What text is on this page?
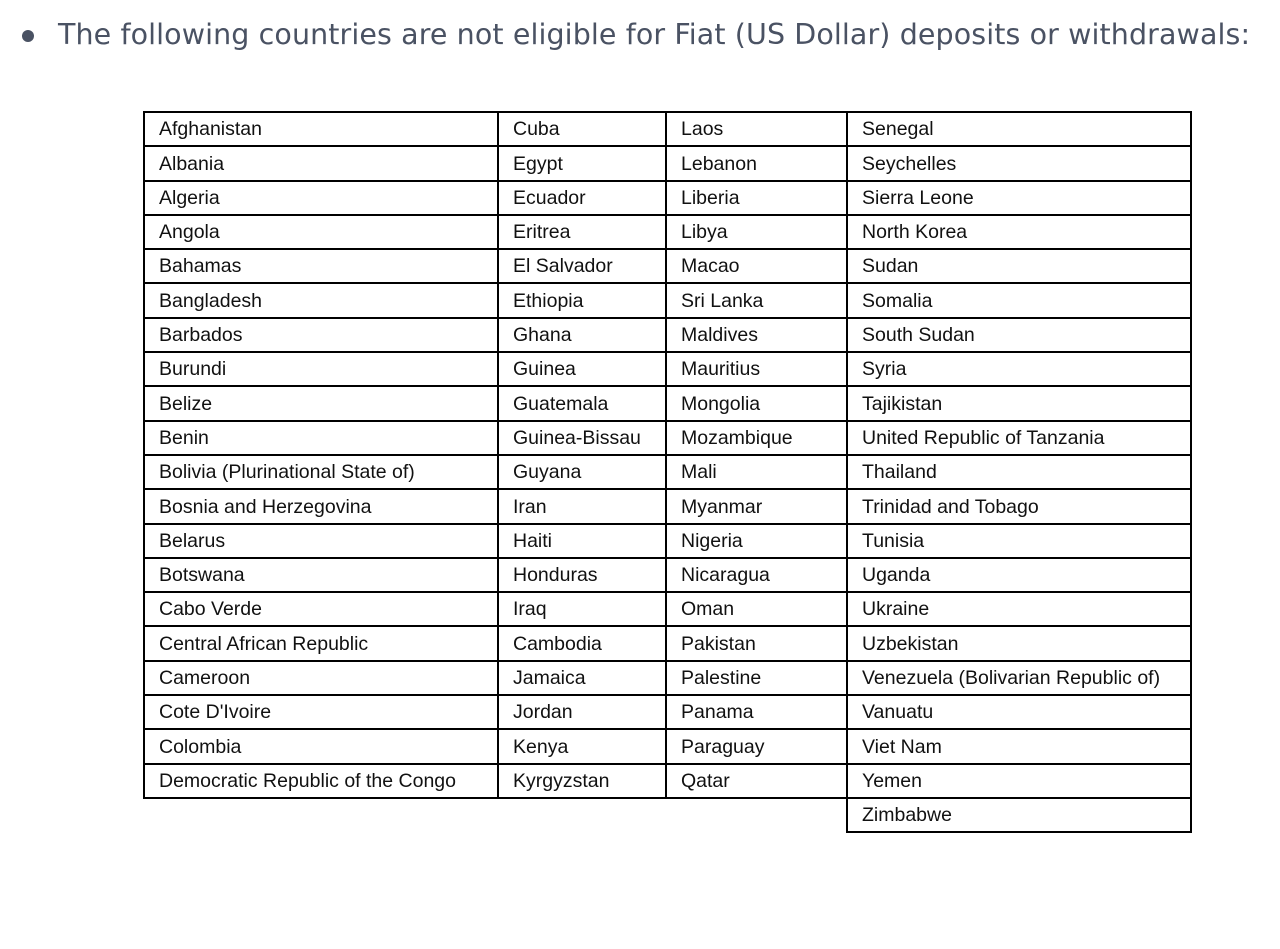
The following countries are not eligible for Fiat (US Dollar) deposits or withdrawals:
Afghanistan	Cuba	Laos	Senegal
Albania	Egypt	Lebanon	Seychelles
Algeria	Ecuador	Liberia	Sierra Leone
Angola	Eritrea	Libya	North Korea
Bahamas	El Salvador	Macao	Sudan
Bangladesh	Ethiopia	Sri Lanka	Somalia
Barbados	Ghana	Maldives	South Sudan
Burundi	Guinea	Mauritius	Syria
Belize	Guatemala	Mongolia	Tajikistan
Benin	Guinea-Bissau	Mozambique	United Republic of Tanzania
Bolivia (Plurinational State of)	Guyana	Mali	Thailand
Bosnia and Herzegovina	Iran	Myanmar	Trinidad and Tobago
Belarus	Haiti	Nigeria	Tunisia
Botswana	Honduras	Nicaragua	Uganda
Cabo Verde	Iraq	Oman	Ukraine
Central African Republic	Cambodia	Pakistan	Uzbekistan
Cameroon	Jamaica	Palestine	Venezuela (Bolivarian Republic of)
Cote D'Ivoire	Jordan	Panama	Vanuatu
Colombia	Kenya	Paraguay	Viet Nam
Democratic Republic of the Congo	Kyrgyzstan	Qatar	Yemen
			Zimbabwe
